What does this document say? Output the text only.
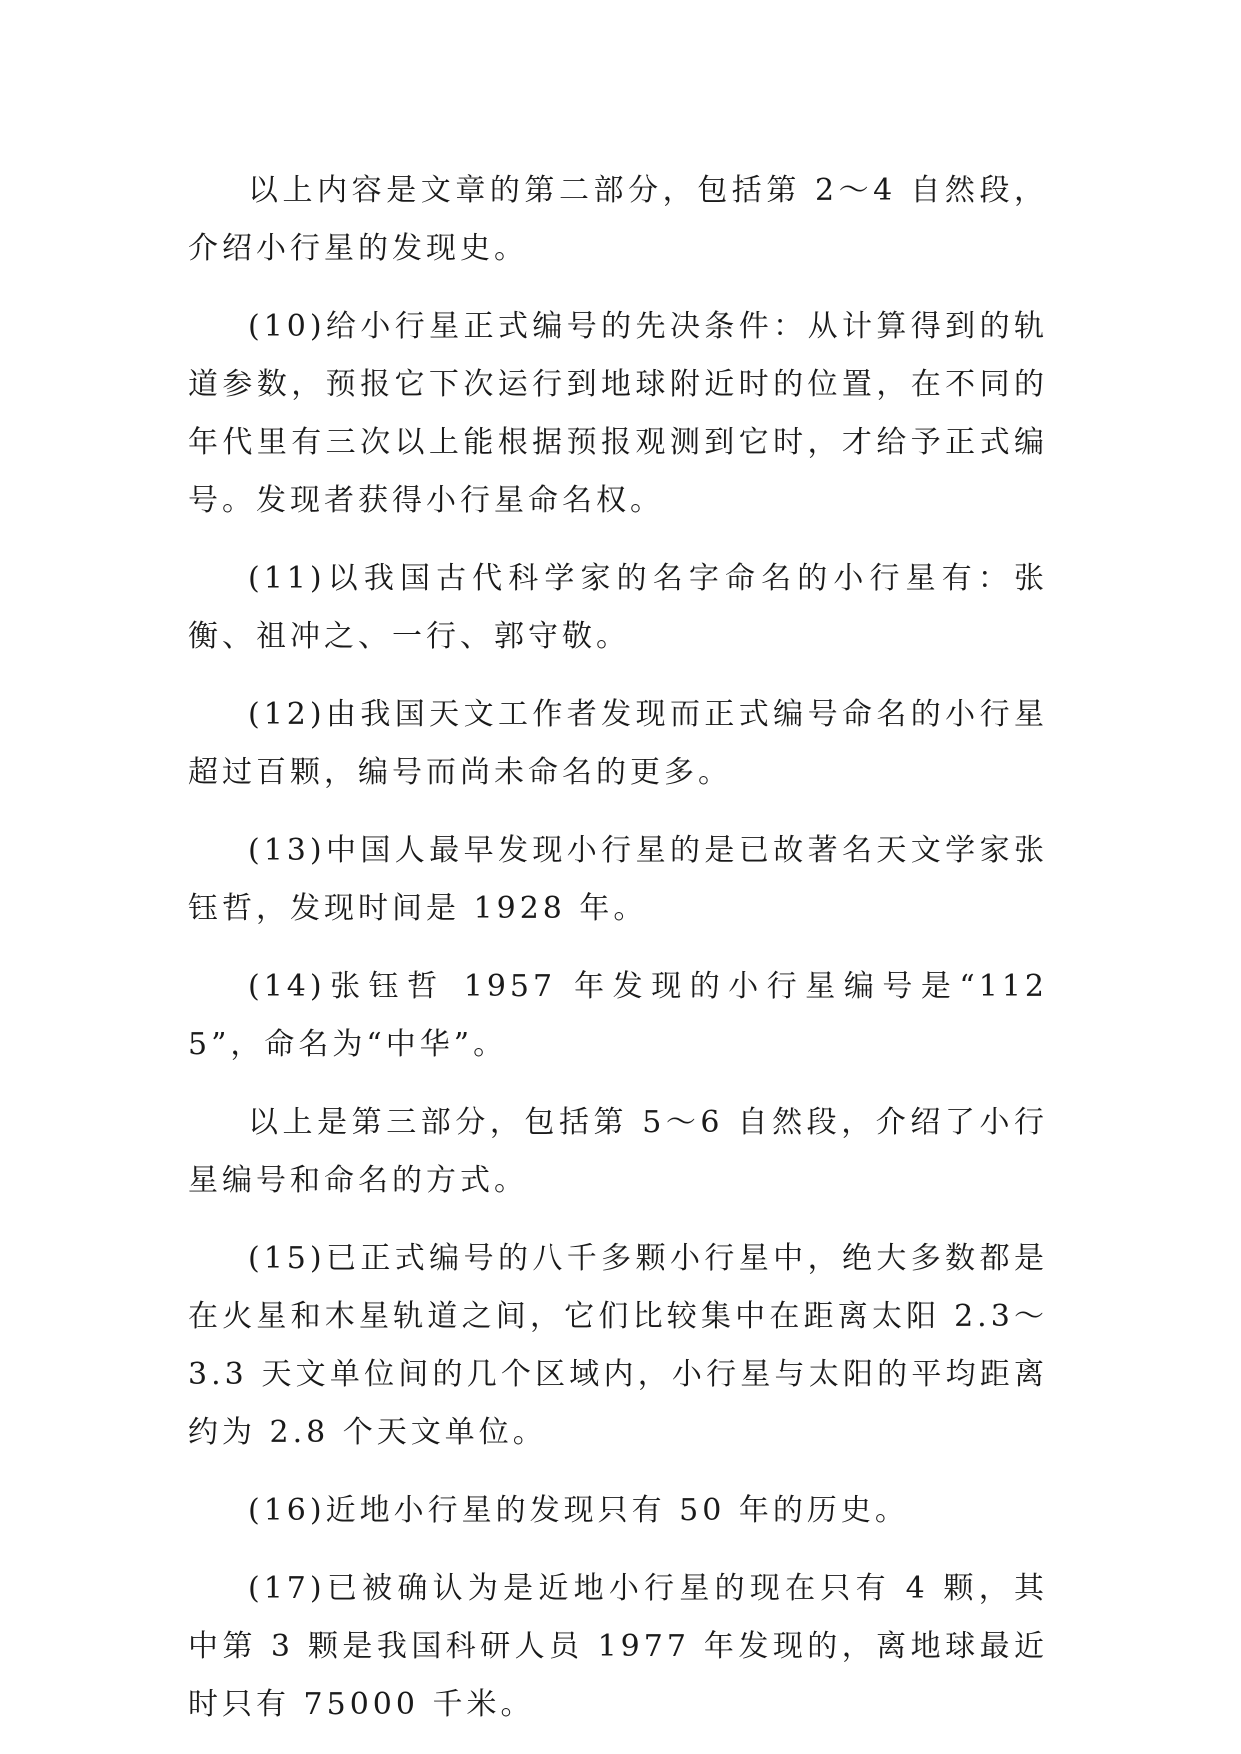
以上内容是文章的第二部分，包括第 2～4 自然段，介绍小行星的发现史。

(10)给小行星正式编号的先决条件：从计算得到的轨道参数，预报它下次运行到地球附近时的位置，在不同的年代里有三次以上能根据预报观测到它时，才给予正式编号。发现者获得小行星命名权。

(11)以我国古代科学家的名字命名的小行星有：张衡、祖冲之、一行、郭守敬。

(12)由我国天文工作者发现而正式编号命名的小行星超过百颗，编号而尚未命名的更多。

(13)中国人最早发现小行星的是已故著名天文学家张钰哲，发现时间是 1928 年。

(14)张钰哲 1957 年发现的小行星编号是“1125”，命名为“中华”。

以上是第三部分，包括第 5～6 自然段，介绍了小行星编号和命名的方式。

(15)已正式编号的八千多颗小行星中，绝大多数都是在火星和木星轨道之间，它们比较集中在距离太阳 2.3～3.3 天文单位间的几个区域内，小行星与太阳的平均距离约为 2.8 个天文单位。

(16)近地小行星的发现只有 50 年的历史。

(17)已被确认为是近地小行星的现在只有 4 颗，其中第 3 颗是我国科研人员 1977 年发现的，离地球最近时只有 75000 千米。
